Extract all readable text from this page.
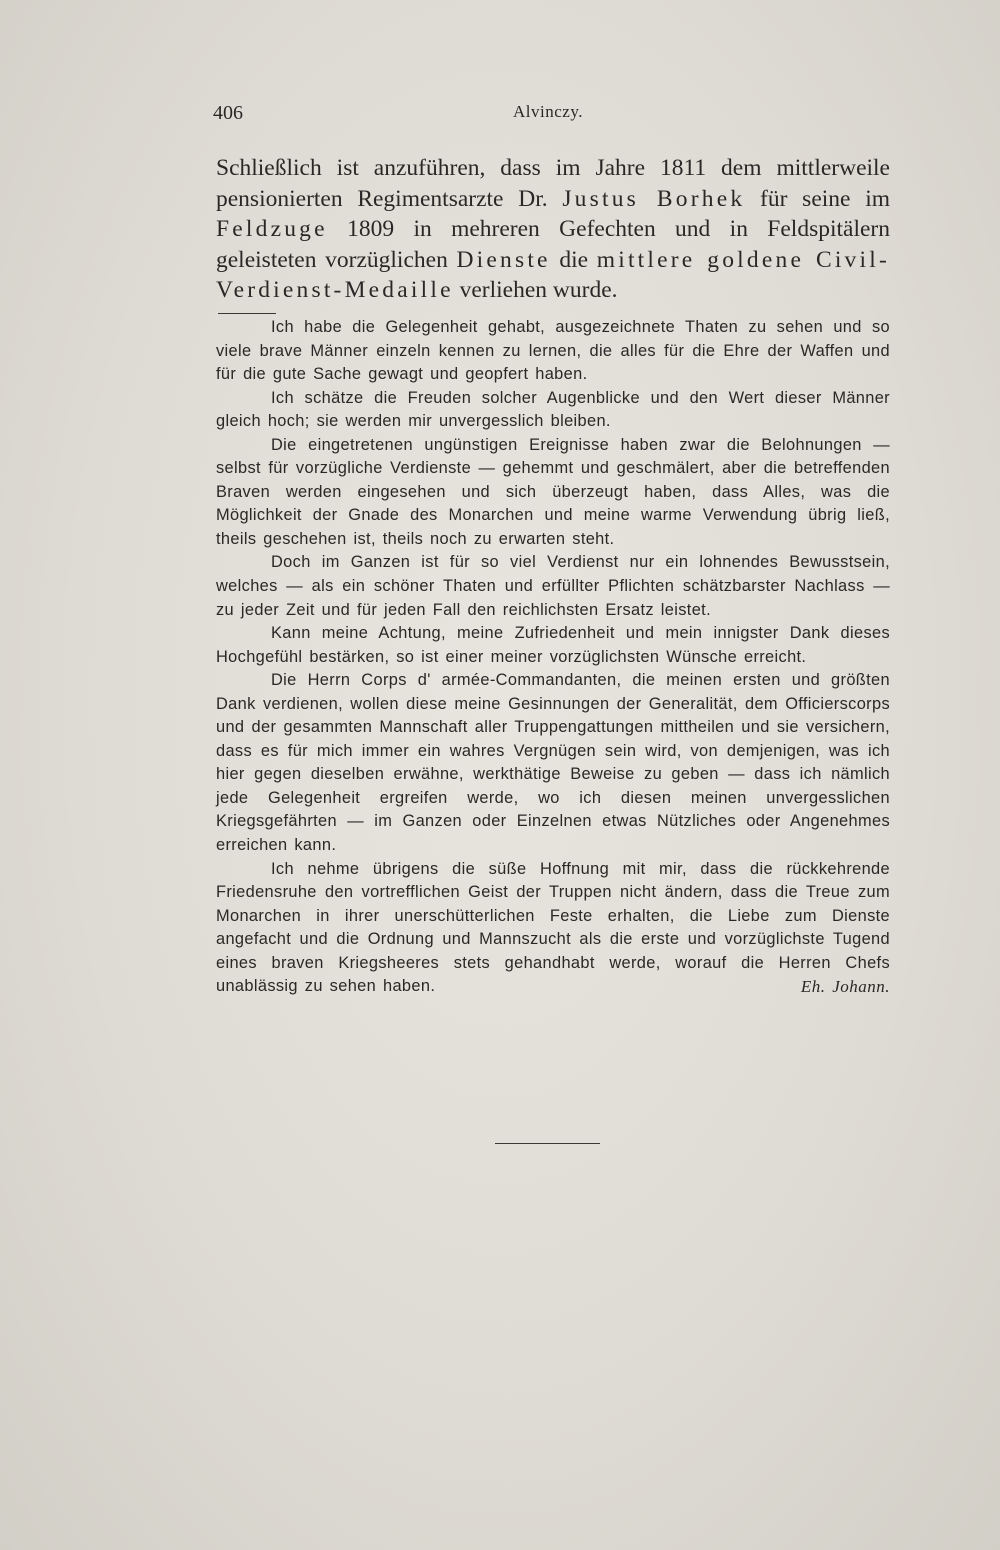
406	Alvinczy.
Schließlich ist anzuführen, dass im Jahre 1811 dem mittlerweile pensionierten Regimentsarzte Dr. Justus Borhek für seine im Feldzuge 1809 in mehreren Gefechten und in Feldspitälern geleisteten vorzüglichen Dienste die mittlere goldene Civil-Verdienst-Medaille verliehen wurde.

Ich habe die Gelegenheit gehabt, ausgezeichnete Thaten zu sehen und so viele brave Männer einzeln kennen zu lernen, die alles für die Ehre der Waffen und für die gute Sache gewagt und geopfert haben.

Ich schätze die Freuden solcher Augenblicke und den Wert dieser Männer gleich hoch; sie werden mir unvergesslich bleiben.

Die eingetretenen ungünstigen Ereignisse haben zwar die Belohnungen — selbst für vorzügliche Verdienste — gehemmt und geschmälert, aber die betreffenden Braven werden eingesehen und sich überzeugt haben, dass Alles, was die Möglichkeit der Gnade des Monarchen und meine warme Verwendung übrig ließ, theils geschehen ist, theils noch zu erwarten steht.

Doch im Ganzen ist für so viel Verdienst nur ein lohnendes Bewusstsein, welches — als ein schöner Thaten und erfüllter Pflichten schätzbarster Nachlass — zu jeder Zeit und für jeden Fall den reichlichsten Ersatz leistet.

Kann meine Achtung, meine Zufriedenheit und mein innigster Dank dieses Hochgefühl bestärken, so ist einer meiner vorzüglichsten Wünsche erreicht.

Die Herrn Corps d' armée-Commandanten, die meinen ersten und größten Dank verdienen, wollen diese meine Gesinnungen der Generalität, dem Officierscorps und der gesammten Mannschaft aller Truppengattungen mittheilen und sie versichern, dass es für mich immer ein wahres Vergnügen sein wird, von demjenigen, was ich hier gegen dieselben erwähne, werkthätige Beweise zu geben — dass ich nämlich jede Gelegenheit ergreifen werde, wo ich diesen meinen unvergesslichen Kriegsgefährten — im Ganzen oder Einzelnen etwas Nützliches oder Angenehmes erreichen kann.

Ich nehme übrigens die süße Hoffnung mit mir, dass die rückkehrende Friedensruhe den vortrefflichen Geist der Truppen nicht ändern, dass die Treue zum Monarchen in ihrer unerschütterlichen Feste erhalten, die Liebe zum Dienste angefacht und die Ordnung und Mannszucht als die erste und vorzüglichste Tugend eines braven Kriegsheeres stets gehandhabt werde, worauf die Herren Chefs unablässig zu sehen haben.	Eh. Johann.
